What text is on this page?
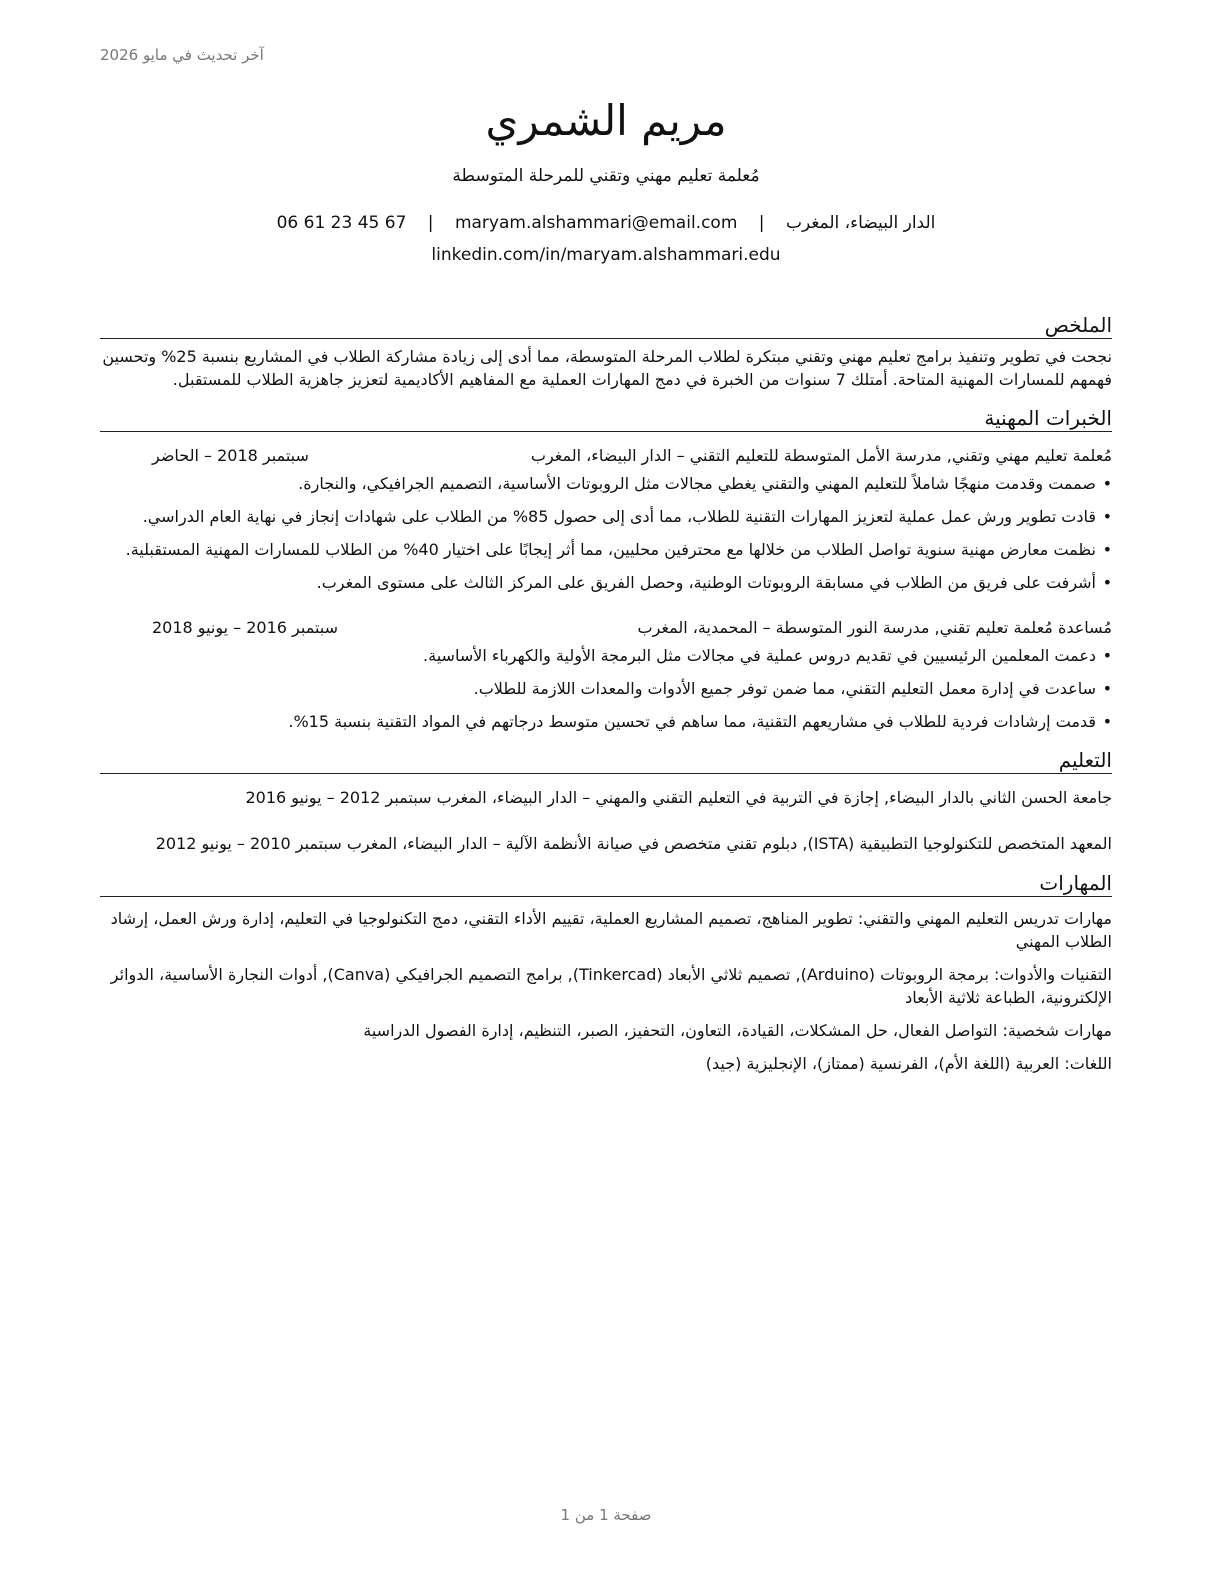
آخر تحديث في مايو 2026
مريم الشمري
مُعلمة تعليم مهني وتقني للمرحلة المتوسطة
الدار البيضاء، المغرب | maryam.alshammari@email.com | 06 61 23 45 67
linkedin.com/in/maryam.alshammari.edu
الملخص
نجحت في تطوير وتنفيذ برامج تعليم مهني وتقني مبتكرة لطلاب المرحلة المتوسطة، مما أدى إلى زيادة مشاركة الطلاب في المشاريع بنسبة 25% وتحسين فهمهم للمسارات المهنية المتاحة. أمتلك 7 سنوات من الخبرة في دمج المهارات العملية مع المفاهيم الأكاديمية لتعزيز جاهزية الطلاب للمستقبل.
الخبرات المهنية
مُعلمة تعليم مهني وتقني, مدرسة الأمل المتوسطة للتعليم التقني – الدار البيضاء، المغرب
سبتمبر 2018 – الحاضر
• صممت وقدمت منهجًا شاملاً للتعليم المهني والتقني يغطي مجالات مثل الروبوتات الأساسية، التصميم الجرافيكي، والنجارة.
• قادت تطوير ورش عمل عملية لتعزيز المهارات التقنية للطلاب، مما أدى إلى حصول 85% من الطلاب على شهادات إنجاز في نهاية العام الدراسي.
• نظمت معارض مهنية سنوية تواصل الطلاب من خلالها مع محترفين محليين، مما أثر إيجابًا على اختيار 40% من الطلاب للمسارات المهنية المستقبلية.
• أشرفت على فريق من الطلاب في مسابقة الروبوتات الوطنية، وحصل الفريق على المركز الثالث على مستوى المغرب.
مُساعدة مُعلمة تعليم تقني, مدرسة النور المتوسطة – المحمدية، المغرب
سبتمبر 2016 – يونيو 2018
• دعمت المعلمين الرئيسيين في تقديم دروس عملية في مجالات مثل البرمجة الأولية والكهرباء الأساسية.
• ساعدت في إدارة معمل التعليم التقني، مما ضمن توفر جميع الأدوات والمعدات اللازمة للطلاب.
• قدمت إرشادات فردية للطلاب في مشاريعهم التقنية، مما ساهم في تحسين متوسط درجاتهم في المواد التقنية بنسبة 15%.
التعليم
جامعة الحسن الثاني بالدار البيضاء, إجازة في التربية في التعليم التقني والمهني – الدار البيضاء، المغرب سبتمبر 2012 – يونيو 2016
المعهد المتخصص للتكنولوجيا التطبيقية (ISTA), دبلوم تقني متخصص في صيانة الأنظمة الآلية – الدار البيضاء، المغرب سبتمبر 2010 – يونيو 2012
المهارات
مهارات تدريس التعليم المهني والتقني: تطوير المناهج، تصميم المشاريع العملية، تقييم الأداء التقني، دمج التكنولوجيا في التعليم، إدارة ورش العمل، إرشاد الطلاب المهني
التقنيات والأدوات: برمجة الروبوتات (Arduino), تصميم ثلاثي الأبعاد (Tinkercad), برامج التصميم الجرافيكي (Canva), أدوات النجارة الأساسية، الدوائر الإلكترونية، الطباعة ثلاثية الأبعاد
مهارات شخصية: التواصل الفعال، حل المشكلات، القيادة، التعاون، التحفيز، الصبر، التنظيم، إدارة الفصول الدراسية
اللغات: العربية (اللغة الأم)، الفرنسية (ممتاز)، الإنجليزية (جيد)
صفحة 1 من 1
